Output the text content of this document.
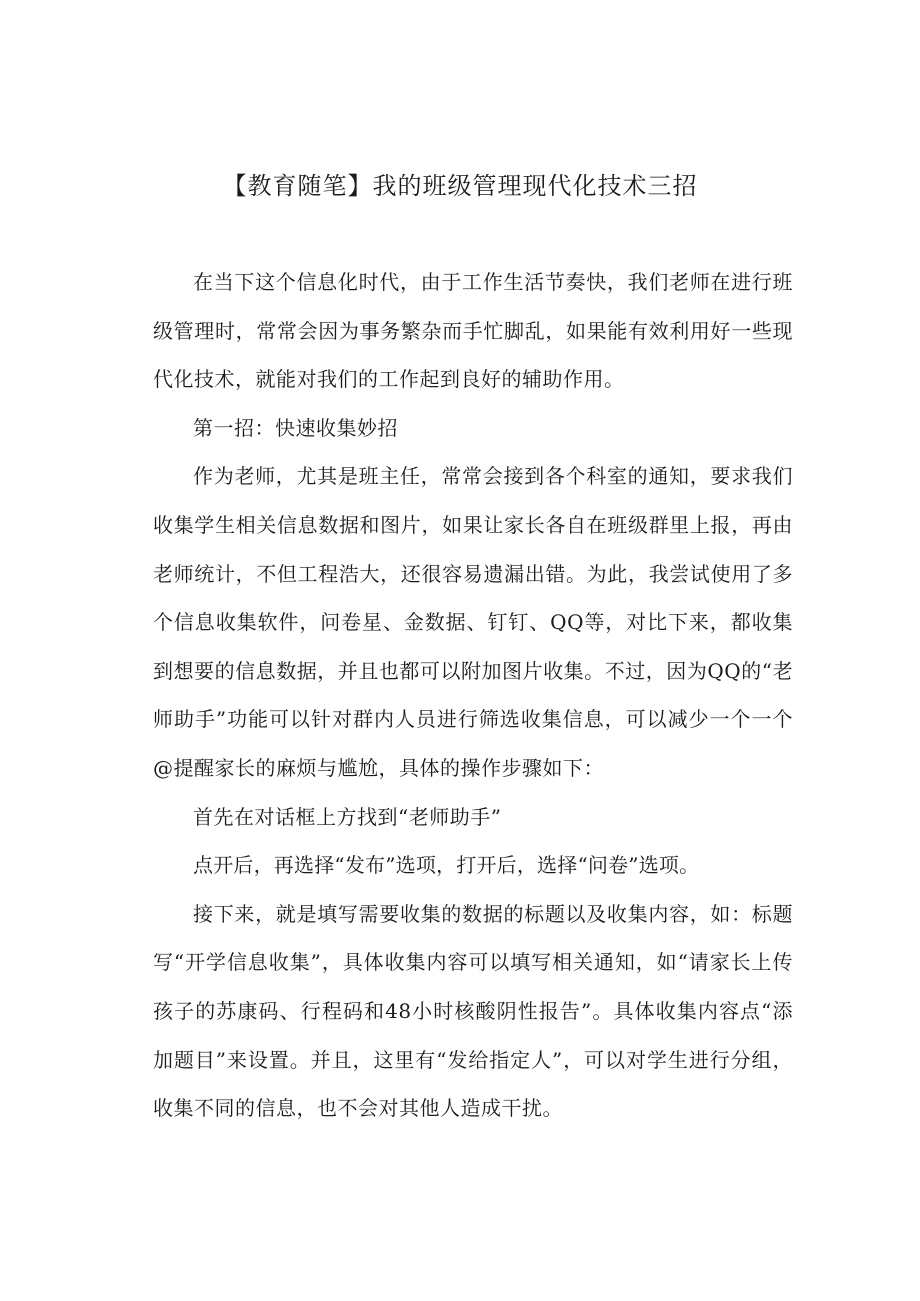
【教育随笔】我的班级管理现代化技术三招

在当下这个信息化时代，由于工作生活节奏快，我们老师在进行班级管理时，常常会因为事务繁杂而手忙脚乱，如果能有效利用好一些现代化技术，就能对我们的工作起到良好的辅助作用。

第一招：快速收集妙招

作为老师，尤其是班主任，常常会接到各个科室的通知，要求我们收集学生相关信息数据和图片，如果让家长各自在班级群里上报，再由老师统计，不但工程浩大，还很容易遗漏出错。为此，我尝试使用了多个信息收集软件，问卷星、金数据、钉钉、QQ等，对比下来，都收集到想要的信息数据，并且也都可以附加图片收集。不过，因为QQ的“老师助手”功能可以针对群内人员进行筛选收集信息，可以减少一个一个@提醒家长的麻烦与尴尬，具体的操作步骤如下：

首先在对话框上方找到“老师助手”

点开后，再选择“发布”选项，打开后，选择“问卷”选项。

接下来，就是填写需要收集的数据的标题以及收集内容，如：标题写“开学信息收集”，具体收集内容可以填写相关通知，如“请家长上传孩子的苏康码、行程码和48小时核酸阴性报告”。具体收集内容点“添加题目”来设置。并且，这里有“发给指定人”，可以对学生进行分组，收集不同的信息，也不会对其他人造成干扰。
